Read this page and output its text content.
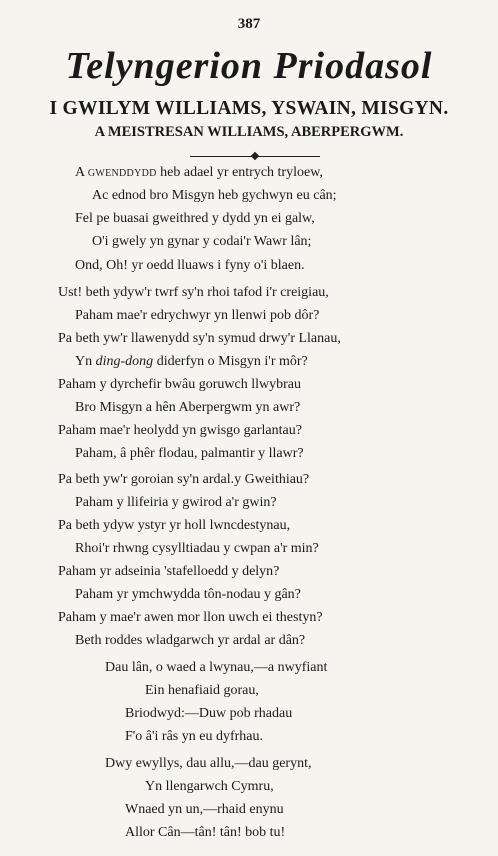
387
Telyngerion Priodasol
I GWILYM WILLIAMS, YSWAIN, MISGYN.
A MEISTRESAN WILLIAMS, ABERPERGWM.
A gwenddydd heb adael yr entrych tryloew,
Ac ednod bro Misgyn heb gychwyn eu cân;
Fel pe buasai gweithred y dydd yn ei galw,
O'i gwely yn gynar y codai'r Wawr lân;
Ond, Oh! yr oedd lluaws i fyny o'i blaen.
Ust! beth ydyw'r twrf sy'n rhoi tafod i'r creigiau,
Paham mae'r edrychwyr yn llenwi pob dôr?
Pa beth yw'r llawenydd sy'n symud drwy'r Llanau,
Yn ding-dong diderfyn o Misgyn i'r môr?
Paham y dyrchefir bwâu goruwch llwybrau
Bro Misgyn a hên Aberpergwm yn awr?
Paham mae'r heolydd yn gwisgo garlantau?
Paham, â phêr flodau, palmantir y llawr?
Pa beth yw'r goroian sy'n ardal.y Gweithiau?
Paham y llifeiria y gwirod a'r gwin?
Pa beth ydyw ystyr yr holl lwncdestynau,
Rhoi'r rhwng cysylltiadau y cwpan a'r min?
Paham yr adseinia 'stafelloedd y delyn?
Paham yr ymchwydda tôn-nodau y gân?
Paham y mae'r awen mor llon uwch ei thestyn?
Beth roddes wladgarwch yr ardal ar dân?
Dau lân, o waed a lwynau,—a nwyfiant
Ein henafiaid gorau,
Briodwyd:—Duw pob rhadau
F'o â'i râs yn eu dyfrhau.
Dwy ewyllys, dau allu,—dau gerynt,
Yn llengarwch Cymru,
Wnaed yn un,—rhaid enynu
Allor Cân—tân! tân! bob tu!
